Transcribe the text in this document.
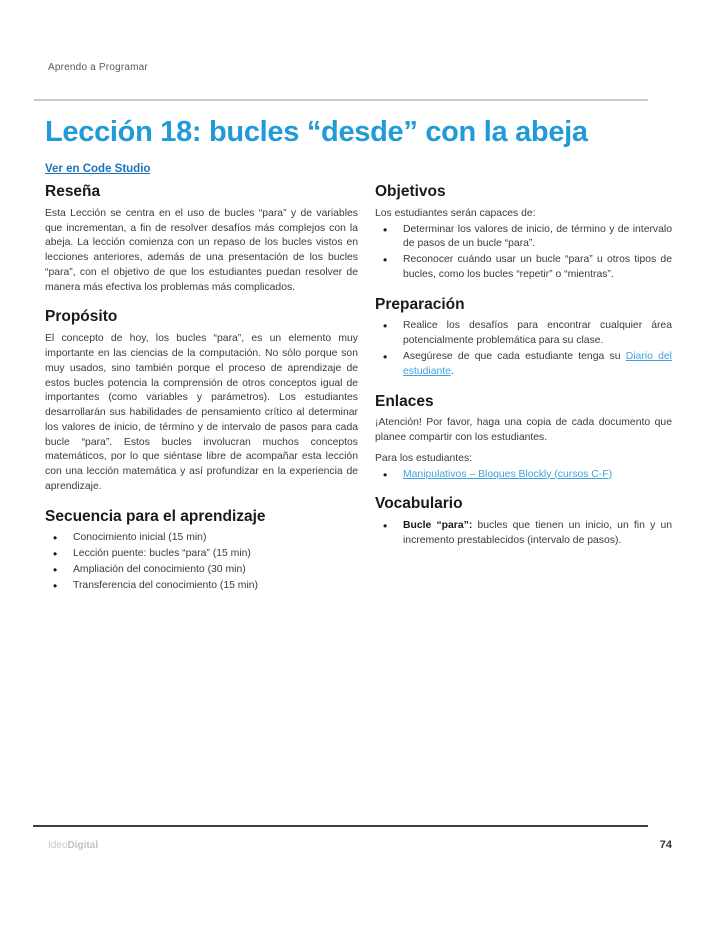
Aprendo a Programar
Lección 18: bucles “desde” con la abeja
Ver en Code Studio
Reseña

Esta Lección se centra en el uso de bucles “para” y de variables que incrementan, a fin de resolver desafíos más complejos con la abeja. La lección comienza con un repaso de los bucles vistos en lecciones anteriores, además de una presentación de los bucles “para”, con el objetivo de que los estudiantes puedan resolver de manera más efectiva los problemas más complicados.

Propósito

El concepto de hoy, los bucles “para”, es un elemento muy importante en las ciencias de la computación. No sólo porque son muy usados, sino también porque el proceso de aprendizaje de estos bucles potencia la comprensión de otros conceptos igual de importantes (como variables y parámetros). Los estudiantes desarrollarán sus habilidades de pensamiento crítico al determinar los valores de inicio, de término y de intervalo de pasos para cada bucle “para”. Estos bucles involucran muchos conceptos matemáticos, por lo que siéntase libre de acompañar esta lección con una lección matemática y así profundizar en la experiencia de aprendizaje.

Secuencia para el aprendizaje
• Conocimiento inicial (15 min)
• Lección puente: bucles “para” (15 min)
• Ampliación del conocimiento (30 min)
• Transferencia del conocimiento (15 min)
Objetivos

Los estudiantes serán capaces de:

• Determinar los valores de inicio, de término y de intervalo de pasos de un bucle “para”.
• Reconocer cuándo usar un bucle “para” u otros tipos de bucles, como los bucles “repetir” o “mientras”.
Preparación
• Realice los desafíos para encontrar cualquier área potencialmente problemática para su clase.
• Asegúrese de que cada estudiante tenga su Diario del estudiante.
Enlaces

¡Atención! Por favor, haga una copia de cada documento que planee compartir con los estudiantes.

Para los estudiantes:

• Manipulativos – Bloques Blockly (cursos C-F)
Vocabulario
• Bucle “para”: bucles que tienen un inicio, un fin y un incremento prestablecidos (intervalo de pasos).
IdeoDigital	74
